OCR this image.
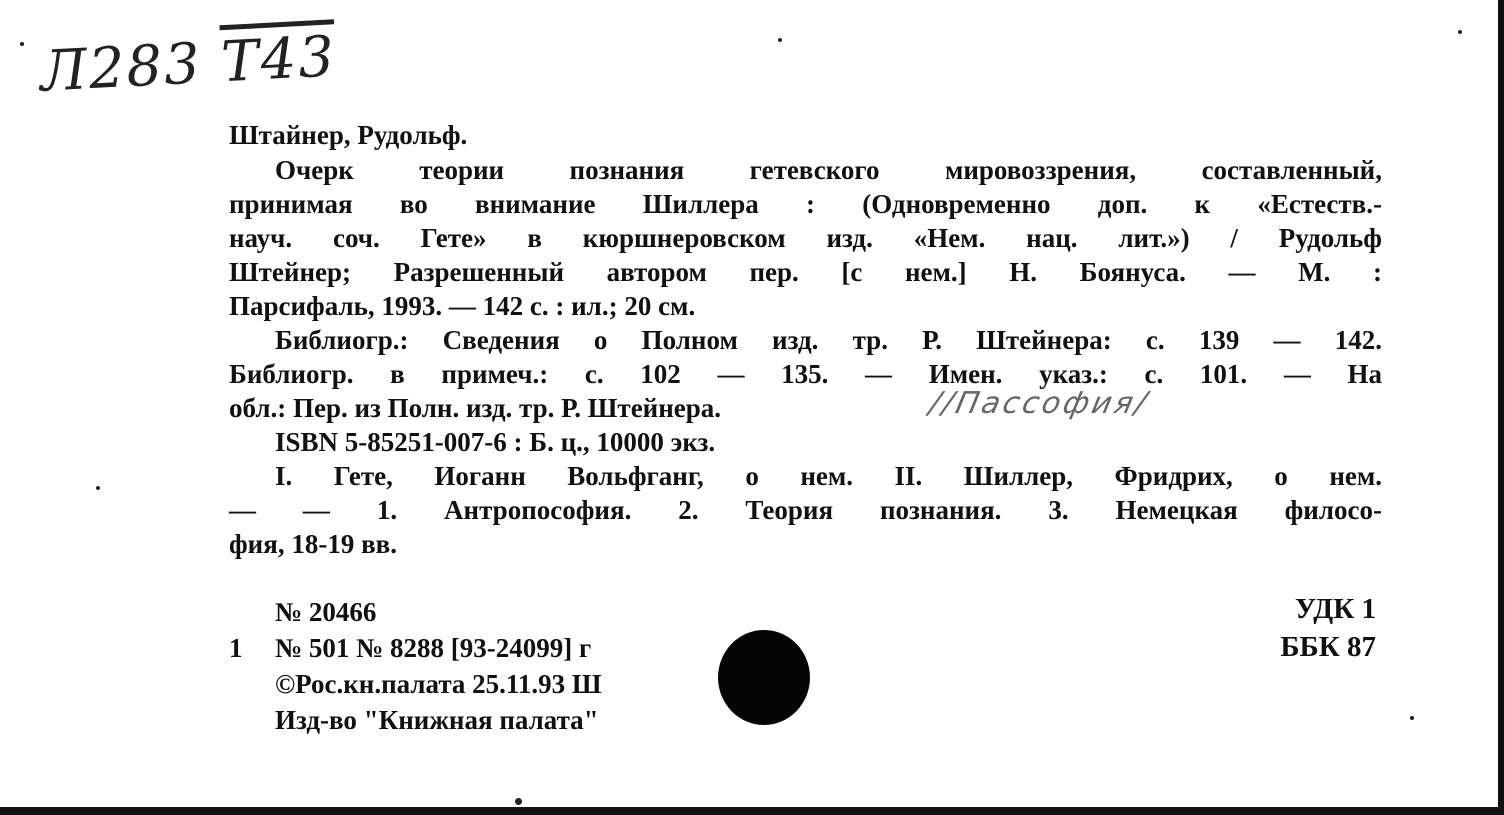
Л283 Т43
Штайнер, Рудольф.
Очерк теории познания гетевского мировоззрения, составленный,
принимая во внимание Шиллера : (Одновременно доп. к «Естеств.-
науч. соч. Гете» в кюршнеровском изд. «Нем. нац. лит.») / Рудольф
Штейнер; Разрешенный автором пер. [с нем.] Н. Боянуса. — М. :
Парсифаль, 1993. — 142 с. : ил.; 20 см.
Библиогр.: Сведения о Полном изд. тр. Р. Штейнера: с. 139 — 142.
Библиогр. в примеч.: с. 102 — 135. — Имен. указ.: с. 101. — На
обл.: Пер. из Полн. изд. тр. Р. Штейнера.	//Пассофия/
ISBN 5-85251-007-6 : Б. ц., 10000 экз.
I. Гете, Иоганн Вольфганг, о нем. II. Шиллер, Фридрих, о нем.
— — 1. Антропософия. 2. Теория познания. 3. Немецкая филосо-
фия, 18-19 вв.
№ 20466
1 № 501 № 8288 [93-24099] г
©Рос.кн.палата 25.11.93 Ш
Изд-во "Книжная палата"
УДК 1
ББК 87
